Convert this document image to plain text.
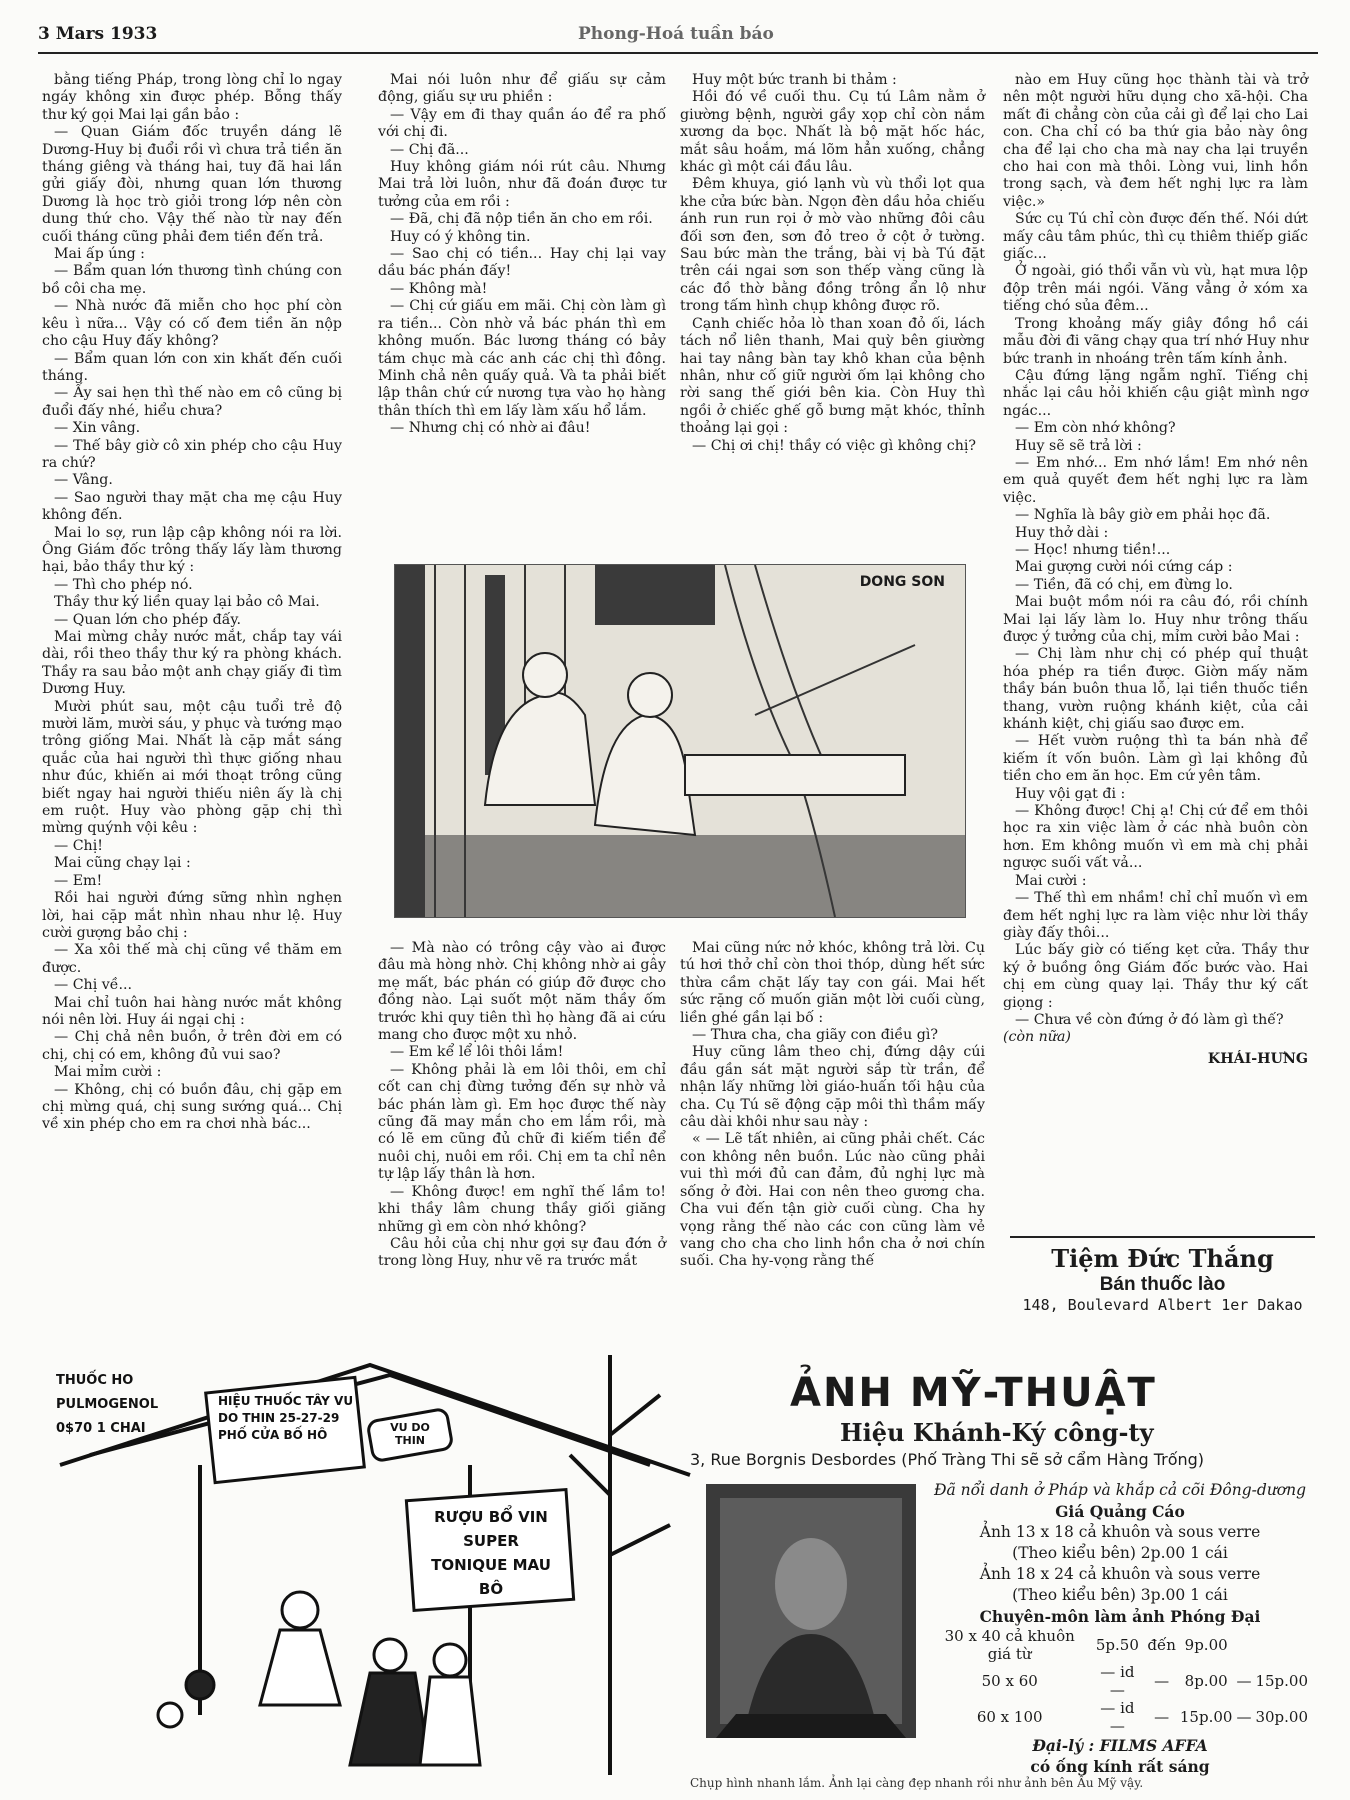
3 Mars 1933	Phong-Hoá tuần báo

bằng tiếng Pháp, trong lòng chỉ lo ngay ngáy không xin được phép. Bỗng thấy thư ký gọi Mai lại gần bảo :

— Quan Giám đốc truyền dáng lẽ Dương-Huy bị đuổi rồi vì chưa trả tiền ăn tháng giêng và tháng hai, tuy đã hai lần gửi giấy đòi, nhưng quan lớn thương Dương là học trò giỏi trong lớp nên còn dung thứ cho. Vậy thế nào từ nay đến cuối tháng cũng phải đem tiền đến trả.

Mai ấp úng :

— Bẩm quan lớn thương tình chúng con bồ côi cha mẹ.

— Nhà nước đã miễn cho học phí còn kêu ì nữa... Vậy có cố đem tiền ăn nộp cho cậu Huy đấy không?

— Bẩm quan lớn con xin khất đến cuối tháng.

— Ấy sai hẹn thì thế nào em cô cũng bị đuổi đấy nhé, hiểu chưa?

— Xin vâng.

— Thế bây giờ cô xin phép cho cậu Huy ra chứ?

— Vâng.

— Sao người thay mặt cha mẹ cậu Huy không đến.

Mai lo sợ, run lập cập không nói ra lời. Ông Giám đốc trông thấy lấy làm thương hại, bảo thầy thư ký :

— Thì cho phép nó.

Thầy thư ký liền quay lại bảo cô Mai.

— Quan lớn cho phép đấy.

Mai mừng chảy nước mắt, chắp tay vái dài, rồi theo thầy thư ký ra phòng khách. Thầy ra sau bảo một anh chạy giấy đi tìm Dương Huy.

Mười phút sau, một cậu tuổi trẻ độ mười lăm, mười sáu, y phục và tướng mạo trông giống Mai. Nhất là cặp mắt sáng quắc của hai người thì thực giống nhau như đúc, khiến ai mới thoạt trông cũng biết ngay hai người thiếu niên ấy là chị em ruột. Huy vào phòng gặp chị thì mừng quýnh vội kêu :

— Chị!

Mai cũng chạy lại :

— Em!

Rồi hai người đứng sững nhìn nghẹn lời, hai cặp mắt nhìn nhau như lệ. Huy cười gượng bảo chị :

— Xa xôi thế mà chị cũng về thăm em được.

— Chị về...

Mai chỉ tuôn hai hàng nước mắt không nói nên lời. Huy ái ngại chị :

— Chị chả nên buồn, ở trên đời em có chị, chị có em, không đủ vui sao?

Mai mỉm cười :

— Không, chị có buồn đâu, chị gặp em chị mừng quá, chị sung sướng quá... Chị về xin phép cho em ra chơi nhà bác...

Mai nói luôn như để giấu sự cảm động, giấu sự ưu phiền :

— Vậy em đi thay quần áo để ra phố với chị đi.

— Chị đã...

Huy không giám nói rút câu. Nhưng Mai trả lời luôn, như đã đoán được tư tưởng của em rồi :

— Đã, chị đã nộp tiền ăn cho em rồi.

Huy có ý không tin.

— Sao chị có tiền... Hay chị lại vay dầu bác phán đấy!

— Không mà!

— Chị cứ giấu em mãi. Chị còn làm gì ra tiền... Còn nhờ vả bác phán thì em không muốn. Bác lương tháng có bảy tám chục mà các anh các chị thì đông. Minh chả nên quấy quả. Và ta phải biết lập thân chứ cứ nương tựa vào họ hàng thân thích thì em lấy làm xấu hổ lắm.

— Nhưng chị có nhờ ai đâu!

Huy một bức tranh bi thảm :

Hồi đó về cuối thu. Cụ tú Lâm nằm ở giường bệnh, người gầy xọp chỉ còn nắm xương da bọc. Nhất là bộ mặt hốc hác, mắt sâu hoắm, má lõm hẳn xuống, chẳng khác gì một cái đầu lâu.

Đêm khuya, gió lạnh vù vù thổi lọt qua khe cửa bức bàn. Ngọn đèn dầu hỏa chiếu ánh run run rọi ở mờ vào những đôi câu đối sơn đen, sơn đỏ treo ở cột ở tường. Sau bức màn the trắng, bài vị bà Tú đặt trên cái ngai sơn son thếp vàng cũng là các đồ thờ bằng đồng trông ẩn lộ như trong tấm hình chụp không được rõ.

Cạnh chiếc hỏa lò than xoan đỏ ối, lách tách nổ liên thanh, Mai quỳ bên giường hai tay nâng bàn tay khô khan của bệnh nhân, như cố giữ người ốm lại không cho rời sang thế giới bên kia. Còn Huy thì ngồi ở chiếc ghế gỗ bưng mặt khóc, thỉnh thoảng lại gọi :

— Chị ơi chị! thầy có việc gì không chị?

nào em Huy cũng học thành tài và trở nên một người hữu dụng cho xã-hội. Cha mất đi chẳng còn của cải gì để lại cho Lai con. Cha chỉ có ba thứ gia bảo này ông cha để lại cho cha mà nay cha lại truyền cho hai con mà thôi. Lòng vui, linh hồn trong sạch, và đem hết nghị lực ra làm việc.»

Sức cụ Tú chỉ còn được đến thế. Nói dứt mấy câu tâm phúc, thì cụ thiêm thiếp giấc giấc...

Ở ngoài, gió thổi vẫn vù vù, hạt mưa lộp độp trên mái ngói. Văng vẳng ở xóm xa tiếng chó sủa đêm...

Trong khoảng mấy giây đồng hồ cái mẫu đời đi vãng chạy qua trí nhớ Huy như bức tranh in nhoáng trên tấm kính ảnh.

Cậu đứng lặng ngẫm nghĩ. Tiếng chị nhắc lại câu hỏi khiến cậu giật mình ngơ ngác...

— Em còn nhớ không?

Huy sẽ sẽ trả lời :

— Em nhớ... Em nhớ lắm! Em nhớ nên em quả quyết đem hết nghị lực ra làm việc.

— Nghĩa là bây giờ em phải học đã.

Huy thở dài :

— Học! nhưng tiền!...

Mai gượng cười nói cứng cáp :

— Tiền, đã có chị, em đừng lo.

Mai buột mồm nói ra câu đó, rồi chính Mai lại lấy làm lo. Huy như trông thấu được ý tưởng của chị, mỉm cười bảo Mai :

— Chị làm như chị có phép quỉ thuật hóa phép ra tiền được. Giờn mấy năm thầy bán buôn thua lỗ, lại tiền thuốc tiền thang, vườn ruộng khánh kiệt, của cải khánh kiệt, chị giấu sao được em.

— Hết vườn ruộng thì ta bán nhà để kiếm ít vốn buôn. Làm gì lại không đủ tiền cho em ăn học. Em cứ yên tâm.

Huy vội gạt đi :

— Không được! Chị ạ! Chị cứ để em thôi học ra xin việc làm ở các nhà buôn còn hơn. Em không muốn vì em mà chị phải ngược suối vất vả...

Mai cười :

— Thế thì em nhầm! chỉ chỉ muốn vì em đem hết nghị lực ra làm việc như lời thầy giày đấy thôi...

Lúc bấy giờ có tiếng kẹt cửa. Thầy thư ký ở buồng ông Giám đốc bước vào. Hai chị em cùng quay lại. Thầy thư ký cất giọng :

— Chưa về còn đứng ở đó làm gì thế?

(còn nữa)
KHÁI-HƯNG

— Mà nào có trông cậy vào ai được đâu mà hòng nhờ. Chị không nhờ ai gây mẹ mất, bác phán có giúp đỡ được cho đồng nào. Lại suốt một năm thầy ốm trước khi quy tiên thì họ hàng đã ai cứu mang cho được một xu nhỏ.

— Em kể lể lôi thôi lắm!

— Không phải là em lôi thôi, em chỉ cốt can chị đừng tưởng đến sự nhờ vả bác phán làm gì. Em học được thế này cũng đã may mắn cho em lắm rồi, mà có lẽ em cũng đủ chữ đi kiếm tiền để nuôi chị, nuôi em rồi. Chị em ta chỉ nên tự lập lấy thân là hơn.

— Không được! em nghĩ thế lầm to! khi thầy lâm chung thầy giối giăng những gì em còn nhớ không?

Câu hỏi của chị như gợi sự đau đớn ở trong lòng Huy, như vẽ ra trước mắt

Mai cũng nức nở khóc, không trả lời. Cụ tú hơi thở chỉ còn thoi thóp, dùng hết sức thừa cầm chặt lấy tay con gái. Mai hết sức rặng cố muốn giăn một lời cuối cùng, liền ghé gần lại bố :

— Thưa cha, cha giãy con điều gì?

Huy cũng lâm theo chị, đứng dậy cúi đầu gần sát mặt người sắp từ trần, để nhận lấy những lời giáo-huấn tối hậu của cha. Cụ Tú sẽ động cặp môi thì thầm mấy câu dài khôi như sau này :

« — Lẽ tất nhiên, ai cũng phải chết. Các con không nên buồn. Lúc nào cũng phải vui thì mới đủ can đảm, đủ nghị lực mà sống ở đời. Hai con nên theo gương cha. Cha vui đến tận giờ cuối cùng. Cha hy vọng rằng thế nào các con cũng làm vẻ vang cho cha cho linh hồn cha ở nơi chín suối. Cha hy-vọng rằng thế

DONG SON
Tiệm Đức Thắng
Bán thuốc lào
148, Boulevard Albert 1er Dakao
THUỐC HO PULMOGENOL 0$70 1 CHAI
HIỆU THUỐC TÂY VU DO THIN 25-27-29 PHỐ CỬA BỐ HÔ
VU DO THIN
RƯỢU BỔ VIN SUPER TONIQUE MAU BÔ
ẢNH MỸ-THUẬT
Hiệu Khánh-Ký công-ty
3, Rue Borgnis Desbordes (Phố Tràng Thi sẽ sở cẩm Hàng Trống)
Đã nổi danh ở Pháp và khắp cả cõi Đông-dương
Giá Quảng Cáo
Ảnh 13 x 18 cả khuôn và sous verre
(Theo kiểu bên) 2p.00 1 cái
Ảnh 18 x 24 cả khuôn và sous verre
(Theo kiểu bên) 3p.00 1 cái
Chuyên-môn làm ảnh Phóng Đại
30 x 40 cả khuôn giá từ	5p.50	đến	9p.00		
50 x 60	— id —	—	8p.00	—	15p.00
60 x 100	— id —	—	15p.00	—	30p.00
Đại-lý : FILMS AFFA
có ống kính rất sáng
Chụp hình nhanh lắm. Ảnh lại càng đẹp nhanh rồi như ảnh bên Âu Mỹ vậy.
